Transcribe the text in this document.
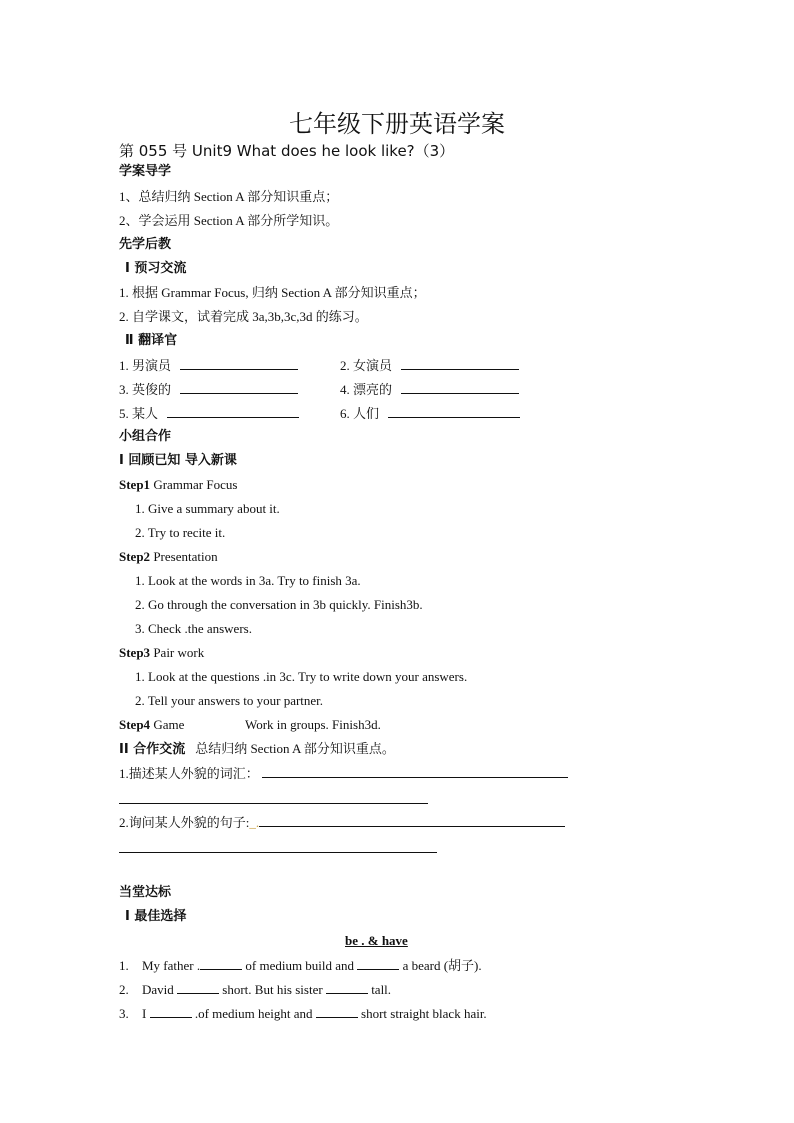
七年级下册英语学案
第 055 号 Unit9 What does he look like?（3）
学案导学
1、总结归纳 Section A 部分知识重点；
2、学会运用 Section A 部分所学知识。
先学后教
Ⅰ 预习交流
1. 根据 Grammar Focus, 归纳 Section A 部分知识重点；
2. 自学课文，试着完成 3a,3b,3c,3d 的练习。
Ⅱ 翻译官
1. 男演员	2. 女演员
3. 英俊的	4. 漂亮的
5. 某人	6. 人们
小组合作
I 回顾已知 导入新课
Step1 Grammar Focus
1. Give a summary about it.
2. Try to recite it.
Step2 Presentation
1. Look at the words in 3a. Try to finish 3a.
2. Go through the conversation in 3b quickly. Finish3b.
3. Check .the answers.
Step3 Pair work
1. Look at the questions .in 3c. Try to write down your answers.
2. Tell your answers to your partner.
Step4 Game	Work in groups. Finish3d.
II 合作交流 总结归纳 Section A 部分知识重点。
1.描述某人外貌的词汇：
2.询问某人外貌的句子:_.
当堂达标
Ⅰ 最佳选择
be . & have
1. My father .	of medium build and	a beard (胡子).
2. David	short. But his sister	tall.
3. I	.of medium height and	short straight black hair.
